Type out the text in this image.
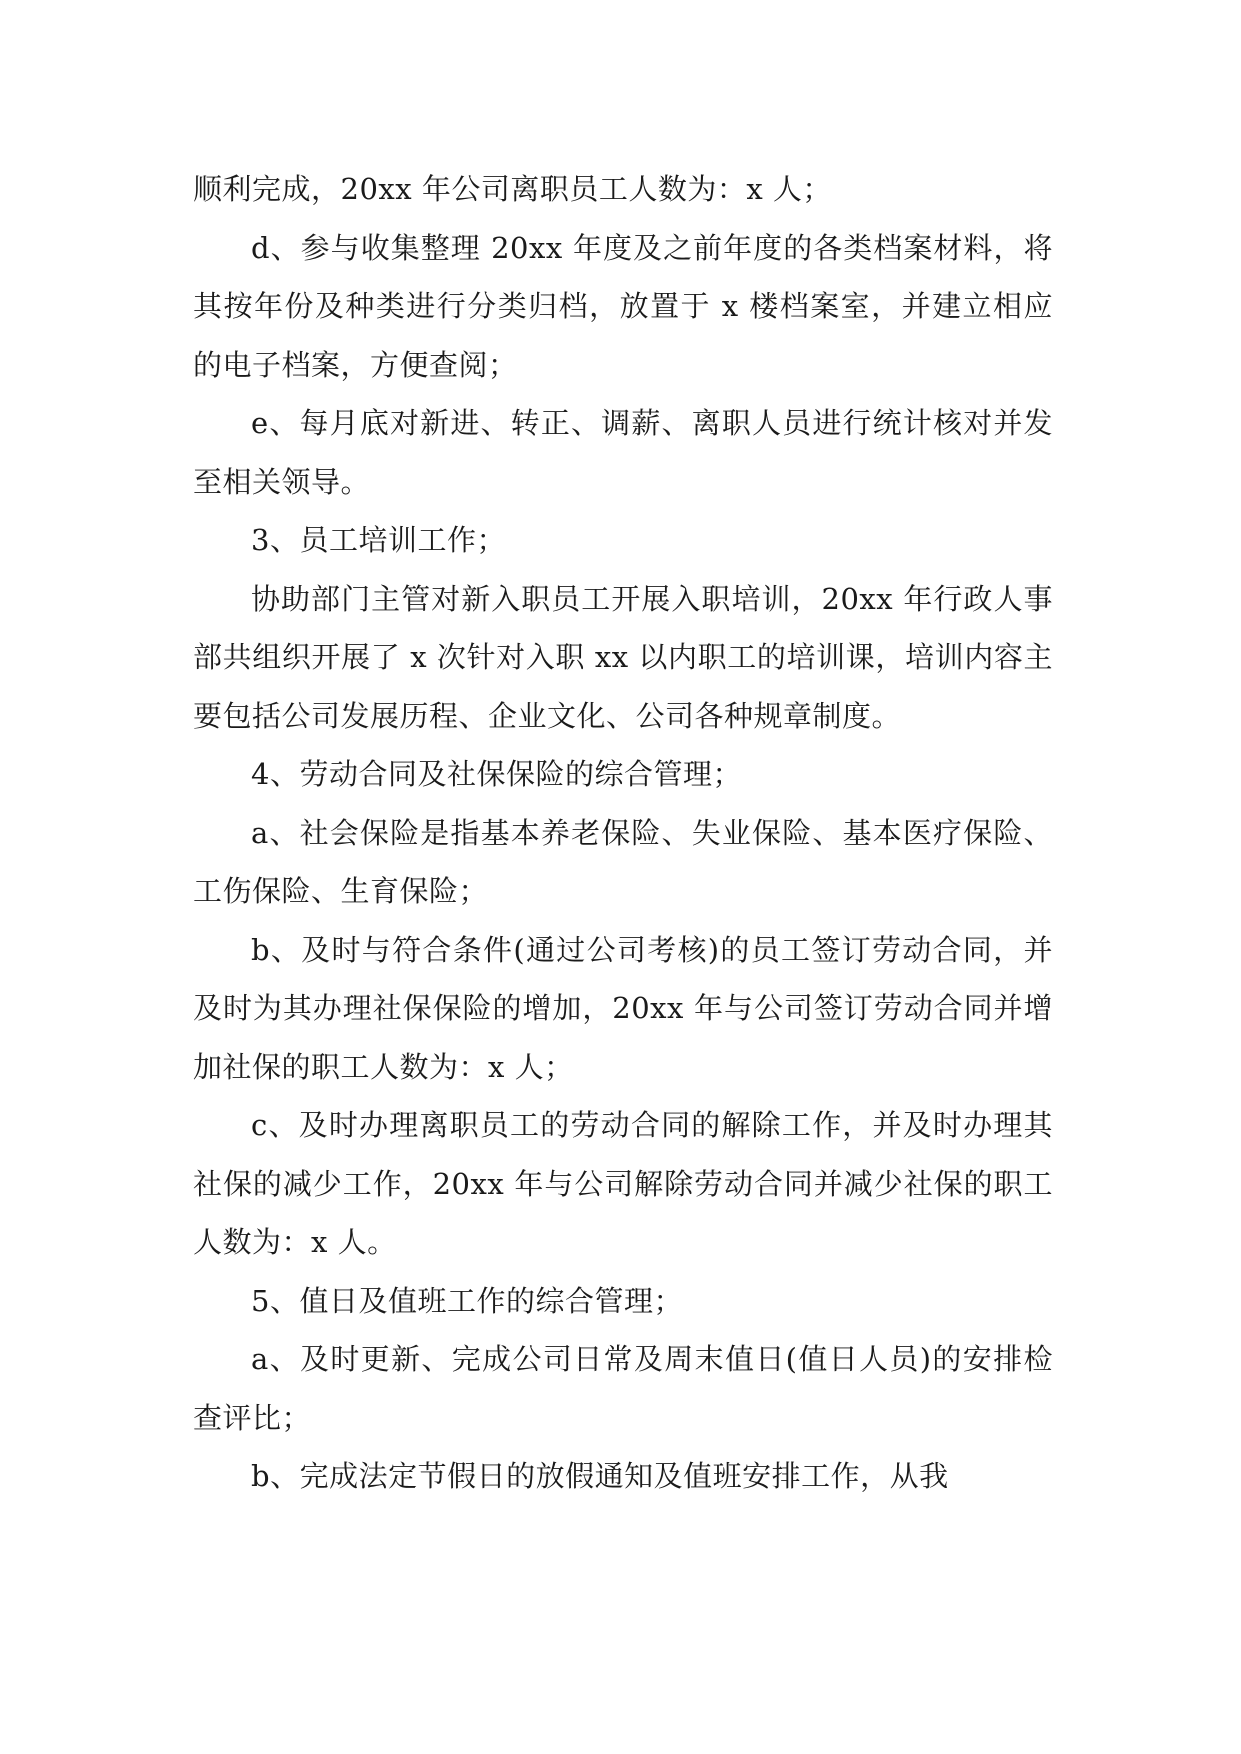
顺利完成，20xx 年公司离职员工人数为：x 人；

d、参与收集整理 20xx 年度及之前年度的各类档案材料，将其按年份及种类进行分类归档，放置于 x 楼档案室，并建立相应的电子档案，方便查阅；

e、每月底对新进、转正、调薪、离职人员进行统计核对并发至相关领导。

3、员工培训工作；

协助部门主管对新入职员工开展入职培训，20xx 年行政人事部共组织开展了 x 次针对入职 xx 以内职工的培训课，培训内容主要包括公司发展历程、企业文化、公司各种规章制度。

4、劳动合同及社保保险的综合管理；

a、社会保险是指基本养老保险、失业保险、基本医疗保险、工伤保险、生育保险；

b、及时与符合条件(通过公司考核)的员工签订劳动合同，并及时为其办理社保保险的增加，20xx 年与公司签订劳动合同并增加社保的职工人数为：x 人；

c、及时办理离职员工的劳动合同的解除工作，并及时办理其社保的减少工作，20xx 年与公司解除劳动合同并减少社保的职工人数为：x 人。

5、值日及值班工作的综合管理；

a、及时更新、完成公司日常及周末值日(值日人员)的安排检查评比；

b、完成法定节假日的放假通知及值班安排工作，从我
